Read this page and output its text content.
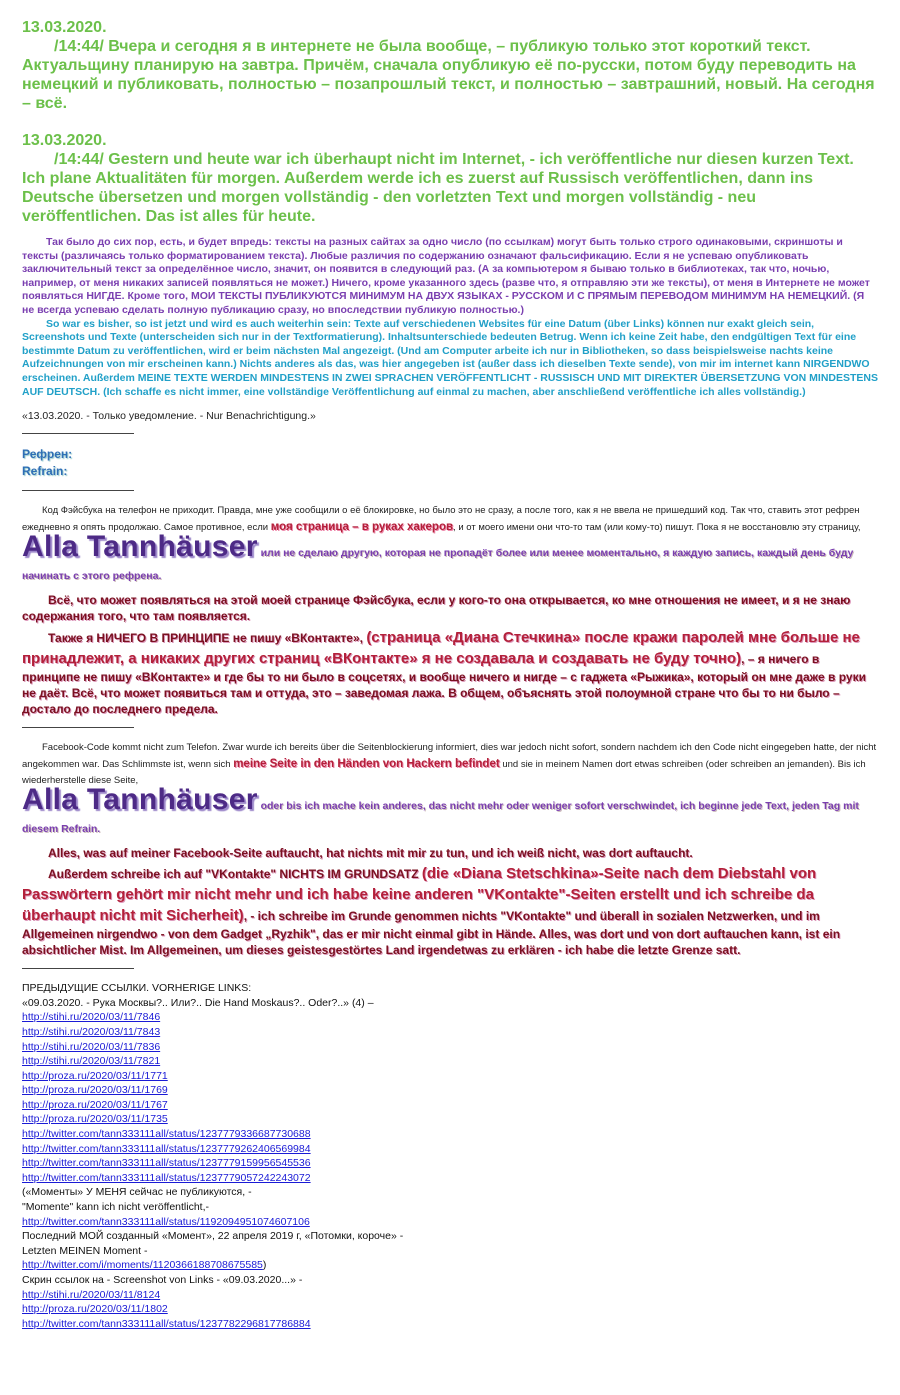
13.03.2020.
/14:44/ Вчера и сегодня я в интернете не была вообще, – публикую только этот короткий текст. Актуальщину планирую на завтра. Причём, сначала опубликую её по-русски, потом буду переводить на немецкий и публиковать, полностью – позапрошлый текст, и полностью – завтрашний, новый. На сегодня – всё.
13.03.2020.
/14:44/ Gestern und heute war ich überhaupt nicht im Internet, - ich veröffentliche nur diesen kurzen Text. Ich plane Aktualitäten für morgen. Außerdem werde ich es zuerst auf Russisch veröffentlichen, dann ins Deutsche übersetzen und morgen vollständig - den vorletzten Text und morgen vollständig - neu veröffentlichen. Das ist alles für heute.

Так было до сих пор, есть, и будет впредь: тексты на разных сайтах за одно число (по ссылкам) могут быть только строго одинаковыми, скриншоты и тексты (различаясь только форматированием текста). Любые различия по содержанию означают фальсификацию. Если я не успеваю опубликовать заключительный текст за определённое число, значит, он появится в следующий раз. (А за компьютером я бываю только в библиотеках, так что, ночью, например, от меня никаких записей появляться не может.) Ничего, кроме указанного здесь (разве что, я отправляю эти же тексты), от меня в Интернете не может появляться НИГДЕ. Кроме того, МОИ ТЕКСТЫ ПУБЛИКУЮТСЯ МИНИМУМ НА ДВУХ ЯЗЫКАХ - РУССКОМ И С ПРЯМЫМ ПЕРЕВОДОМ МИНИМУМ НА НЕМЕЦКИЙ. (Я не всегда успеваю сделать полную публикацию сразу, но впоследствии публикую полностью.)

So war es bisher, so ist jetzt und wird es auch weiterhin sein: Texte auf verschiedenen Websites für eine Datum (über Links) können nur exakt gleich sein, Screenshots und Texte (unterscheiden sich nur in der Textformatierung). Inhaltsunterschiede bedeuten Betrug. Wenn ich keine Zeit habe, den endgültigen Text für eine bestimmte Datum zu veröffentlichen, wird er beim nächsten Mal angezeigt. (Und am Computer arbeite ich nur in Bibliotheken, so dass beispielsweise nachts keine Aufzeichnungen von mir erscheinen kann.) Nichts anderes als das, was hier angegeben ist (außer dass ich dieselben Texte sende), von mir im internet kann NIRGENDWO erscheinen. Außerdem MEINE TEXTE WERDEN MINDESTENS IN ZWEI SPRACHEN VERÖFFENTLICHT - RUSSISCH UND MIT DIREKTER ÜBERSETZUNG VON MINDESTENS AUF DEUTSCH. (Ich schaffe es nicht immer, eine vollständige Veröffentlichung auf einmal zu machen, aber anschließend veröffentliche ich alles vollständig.)

«13.03.2020. - Только уведомление. - Nur Benachrichtigung.»

Рефрен:
Refrain:

Код Фэйсбука на телефон не приходит. Правда, мне уже сообщили о её блокировке, но было это не сразу, а после того, как я не ввела не пришедший код. Так что, ставить этот рефрен ежедневно я опять продолжаю. Самое противное, если моя страница – в руках хакеров, и от моего имени они что-то там (или кому-то) пишут. Пока я не восстановлю эту страницу,

Alla Tannhäuser или не сделаю другую, которая не пропадёт более или менее моментально, я каждую запись, каждый день буду начинать с этого рефрена.

Всё, что может появляться на этой моей странице Фэйсбука, если у кого-то она открывается, ко мне отношения не имеет, и я не знаю содержания того, что там появляется.

Также я НИЧЕГО В ПРИНЦИПЕ не пишу «ВКонтакте», (страница «Диана Стечкина» после кражи паролей мне больше не принадлежит, а никаких других страниц «ВКонтакте» я не создавала и создавать не буду точно), – я ничего в принципе не пишу «ВКонтакте» и где бы то ни было в соцсетях, и вообще ничего и нигде – с гаджета «Рыжика», который он мне даже в руки не даёт. Всё, что может появиться там и оттуда, это – заведомая лажа. В общем, объяснять этой полоумной стране что бы то ни было – достало до последнего предела.

Facebook-Code kommt nicht zum Telefon. Zwar wurde ich bereits über die Seitenblockierung informiert, dies war jedoch nicht sofort, sondern nachdem ich den Code nicht eingegeben hatte, der nicht angekommen war. Das Schlimmste ist, wenn sich meine Seite in den Händen von Hackern befindet und sie in meinem Namen dort etwas schreiben (oder schreiben an jemanden). Bis ich wiederherstelle diese Seite,

Alla Tannhäuser oder bis ich mache kein anderes, das nicht mehr oder weniger sofort verschwindet, ich beginne jede Text, jeden Tag mit diesem Refrain.

Alles, was auf meiner Facebook-Seite auftaucht, hat nichts mit mir zu tun, und ich weiß nicht, was dort auftaucht.

Außerdem schreibe ich auf "VKontakte" NICHTS IM GRUNDSATZ (die «Diana Stetschkina»-Seite nach dem Diebstahl von Passwörtern gehört mir nicht mehr und ich habe keine anderen "VKontakte"-Seiten erstellt und ich schreibe da überhaupt nicht mit Sicherheit), - ich schreibe im Grunde genommen nichts "VKontakte" und überall in sozialen Netzwerken, und im Allgemeinen nirgendwo - von dem Gadget „Ryzhik", das er mir nicht einmal gibt in Hände. Alles, was dort und von dort auftauchen kann, ist ein absichtlicher Mist. Im Allgemeinen, um dieses geistesgestörtes Land irgendetwas zu erklären - ich habe die letzte Grenze satt.

ПРЕДЫДУЩИЕ ССЫЛКИ. VORHERIGE LINKS:
«09.03.2020. - Рука Москвы?.. Или?.. Die Hand Moskaus?.. Oder?..» (4) –
http://stihi.ru/2020/03/11/7846
http://stihi.ru/2020/03/11/7843
http://stihi.ru/2020/03/11/7836
http://stihi.ru/2020/03/11/7821
http://proza.ru/2020/03/11/1771
http://proza.ru/2020/03/11/1769
http://proza.ru/2020/03/11/1767
http://proza.ru/2020/03/11/1735
http://twitter.com/tann333111all/status/1237779336687730688
http://twitter.com/tann333111all/status/1237779262406569984
http://twitter.com/tann333111all/status/1237779159956545536
http://twitter.com/tann333111all/status/1237779057242243072
(«Моменты» У МЕНЯ сейчас не публикуются, -
"Momente" kann ich nicht veröffentlicht,-
http://twitter.com/tann333111all/status/1192094951074607106
Последний МОЙ созданный «Момент», 22 апреля 2019 г, «Потомки, короче» -
Letzten MEINEN Moment -
http://twitter.com/i/moments/1120366188708675585)
Скрин ссылок на - Screenshot von Links - «09.03.2020...» -
http://stihi.ru/2020/03/11/8124
http://proza.ru/2020/03/11/1802
http://twitter.com/tann333111all/status/1237782296817786884
